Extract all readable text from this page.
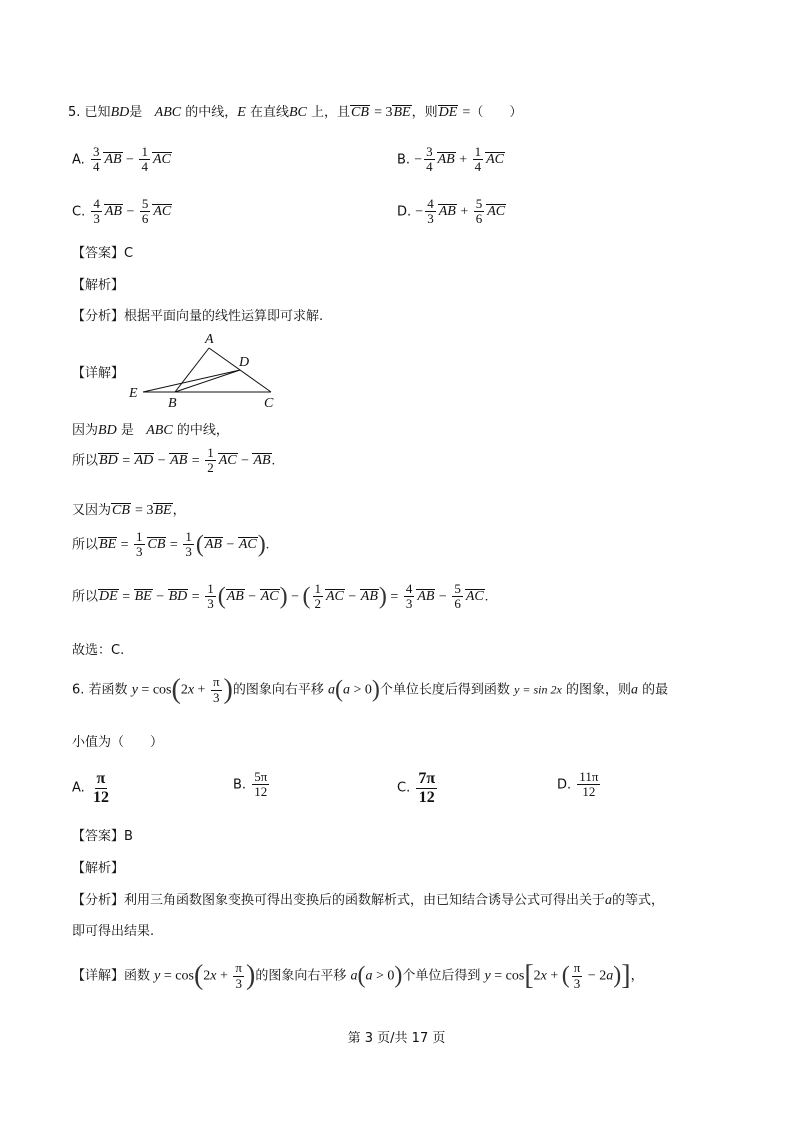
5. 已知BD是 ABC 的中线，E 在直线BC 上，且CB = 3BE，则DE =（　　）
A. $\frac{3}{4}$ AB − $\frac{1}{4}$ AC	B. − $\frac{3}{4}$ AB + $\frac{1}{4}$ AC
C. $\frac{4}{3}$ AB − $\frac{5}{6}$ AC	D. − $\frac{4}{3}$ AB + $\frac{5}{6}$ AC
【答案】C
【解析】
【分析】根据平面向量的线性运算即可求解.
【详解】
A
D
E
B	C
因为BD 是 ABC 的中线，
所以BD = AD − AB = $\frac{1}{2}$ AC − AB.
又因为CB = 3BE，
所以BE = $\frac{1}{3}$ CB = $\frac{1}{3} (AB - AC)$.
所以DE = BE − BD = $\frac{1}{3} (AB - AC)$ − ( $\frac{1}{2}$ AC − $AB) = \frac{4}{3}$ AB − $\frac{5}{6}$ AC.
故选：C.
6. 若函数 $y = \cos(2x + \frac{\pi}{3}$ )的图象向右平移 a(a > 0)个单位长度后得到函数 y = sin 2x 的图象，则a 的最
小值为（　　）
A. $\frac{\pi}{12}$	B. $\frac{5\pi}{12}$	C. $\frac{7\pi}{12}$	D. $\frac{11\pi}{12}$
【答案】B
【解析】
【分析】利用三角函数图象变换可得出变换后的函数解析式，由已知结合诱导公式可得出关于a的等式，
即可得出结果.
【详解】函数 $y = \cos(2x + \frac{\pi}{3}$ )的图象向右平移 a(a > 0)个单位后得到 y = cos[2x + ( $\frac{\pi}{3} - 2a$)]，
第 3 页/共 17 页
